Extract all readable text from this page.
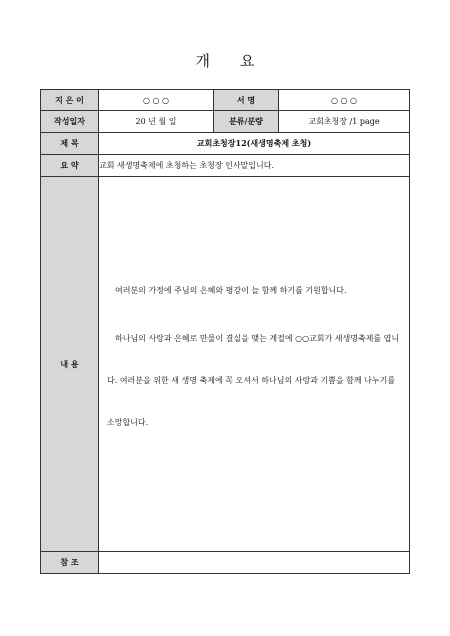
개 요
지 은 이	○ ○ ○	서 명	○ ○ ○
작성일자	20 년 월 일	분류/분량	교회초청장 /1 page
제 목	교회초청장12(새생명축제 초청)		
요 약	교회 새생명축제에 초청하는 초청장 인사말입니다.		
내 용	여러분의 가정에 주님의 은혜와 평강이 늘 함께 하기를 기원합니다.

하나님의 사랑과 은혜로 만물이 결실을 맺는 계절에 ○○교회가 새생명축제를 엽니다. 여러분을 위한 새 생명 축제에 꼭 오셔서 하나님의 사랑과 기쁨을 함께 나누기를 소망합니다.		

참 조			
